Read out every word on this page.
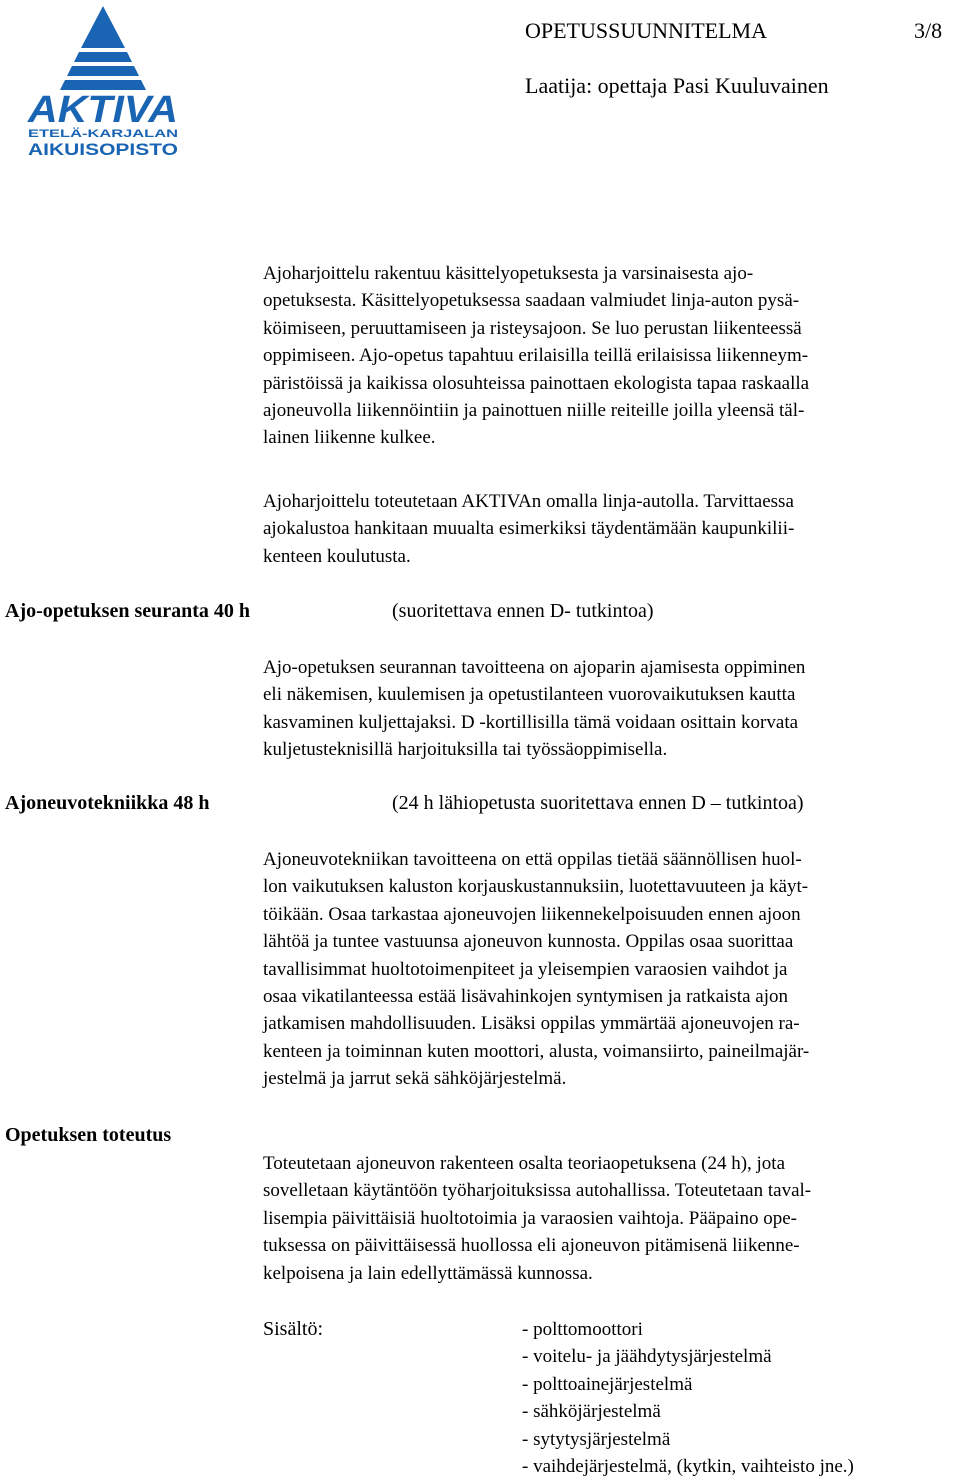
AKTIVA
ETELÄ-KARJALAN
AIKUISOPISTO
OPETUSSUUNNITELMA	3/8
Laatija: opettaja Pasi Kuuluvainen

Ajoharjoittelu rakentuu käsittelyopetuksesta ja varsinaisesta ajo-
opetuksesta. Käsittelyopetuksessa saadaan valmiudet linja-auton pysä-
köimiseen, peruuttamiseen ja risteysajoon. Se luo perustan liikenteessä
oppimiseen. Ajo-opetus tapahtuu erilaisilla teillä erilaisissa liikenneym-
päristöissä ja kaikissa olosuhteissa painottaen ekologista tapaa raskaalla
ajoneuvolla liikennöintiin ja painottuen niille reiteille joilla yleensä täl-
lainen liikenne kulkee.

Ajoharjoittelu toteutetaan AKTIVAn omalla linja-autolla. Tarvittaessa
ajokalustoa hankitaan muualta esimerkiksi täydentämään kaupunkilii-
kenteen koulutusta.

Ajo-opetuksen seuranta 40 h	(suoritettava ennen D- tutkintoa)

Ajo-opetuksen seurannan tavoitteena on ajoparin ajamisesta oppiminen
eli näkemisen, kuulemisen ja opetustilanteen vuorovaikutuksen kautta
kasvaminen kuljettajaksi. D -kortillisilla tämä voidaan osittain korvata
kuljetusteknisillä harjoituksilla tai työssäoppimisella.

Ajoneuvotekniikka 48 h	(24 h lähiopetusta suoritettava ennen D – tutkintoa)

Ajoneuvotekniikan tavoitteena on että oppilas tietää säännöllisen huol-
lon vaikutuksen kaluston korjauskustannuksiin, luotettavuuteen ja käyt-
töikään. Osaa tarkastaa ajoneuvojen liikennekelpoisuuden ennen ajoon
lähtöä ja tuntee vastuunsa ajoneuvon kunnosta. Oppilas osaa suorittaa
tavallisimmat huoltotoimenpiteet ja yleisempien varaosien vaihdot ja
osaa vikatilanteessa estää lisävahinkojen syntymisen ja ratkaista ajon
jatkamisen mahdollisuuden. Lisäksi oppilas ymmärtää ajoneuvojen ra-
kenteen ja toiminnan kuten moottori, alusta, voimansiirto, paineilmajär-
jestelmä ja jarrut sekä sähköjärjestelmä.

Opetuksen toteutus

Toteutetaan ajoneuvon rakenteen osalta teoriaopetuksena (24 h), jota
sovelletaan käytäntöön työharjoituksissa autohallissa. Toteutetaan taval-
lisempia päivittäisiä huoltotoimia ja varaosien vaihtoja. Pääpaino ope-
tuksessa on päivittäisessä huollossa eli ajoneuvon pitämisenä liikenne-
kelpoisena ja lain edellyttämässä kunnossa.

Sisältö:	- polttomoottori
- voitelu- ja jäähdytysjärjestelmä
- polttoainejärjestelmä
- sähköjärjestelmä
- sytytysjärjestelmä
- vaihdejärjestelmä, (kytkin, vaihteisto jne.)
